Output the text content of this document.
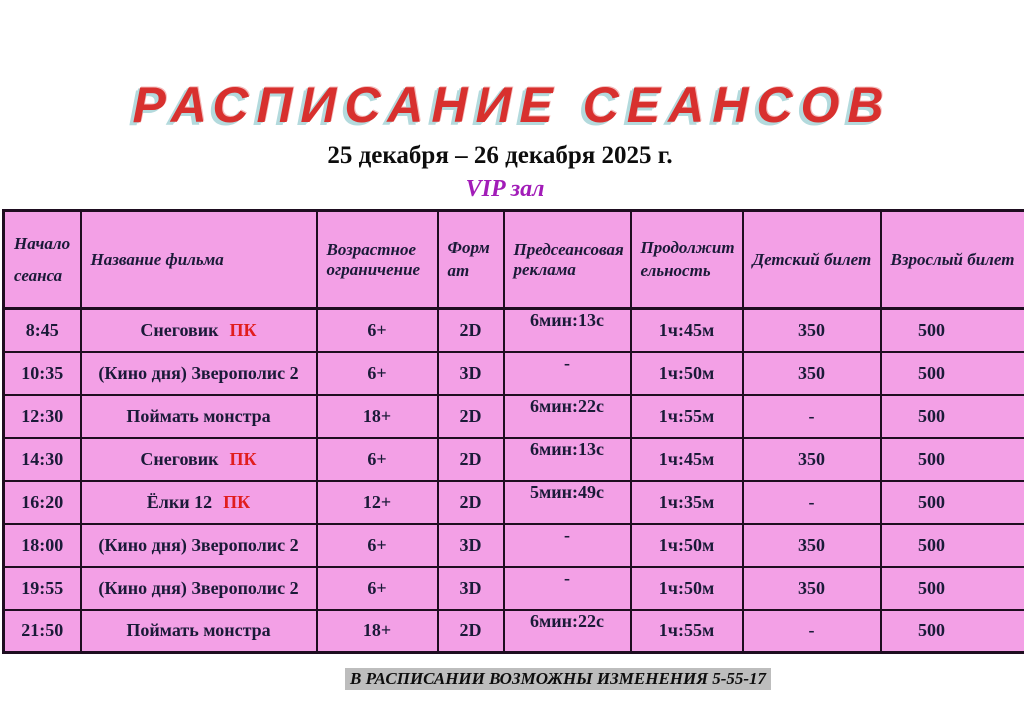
РАСПИСАНИЕ СЕАНСОВ
25 декабря – 26 декабря 2025 г.
VIP зал
Начало сеанса	Название фильма	Возрастное ограничение	Формат	Предсеансовая реклама	Продолжительность	Детский билет	Взрослый билет
8:45	Снеговик ПК	6+	2D	6мин:13с	1ч:45м	350	500
10:35	(Кино дня) Зверополис 2	6+	3D	-	1ч:50м	350	500
12:30	Поймать монстра	18+	2D	6мин:22с	1ч:55м	-	500
14:30	Снеговик ПК	6+	2D	6мин:13с	1ч:45м	350	500
16:20	Ёлки 12 ПК	12+	2D	5мин:49с	1ч:35м	-	500
18:00	(Кино дня) Зверополис 2	6+	3D	-	1ч:50м	350	500
19:55	(Кино дня) Зверополис 2	6+	3D	-	1ч:50м	350	500
21:50	Поймать монстра	18+	2D	6мин:22с	1ч:55м	-	500
В РАСПИСАНИИ ВОЗМОЖНЫ ИЗМЕНЕНИЯ 5-55-17
